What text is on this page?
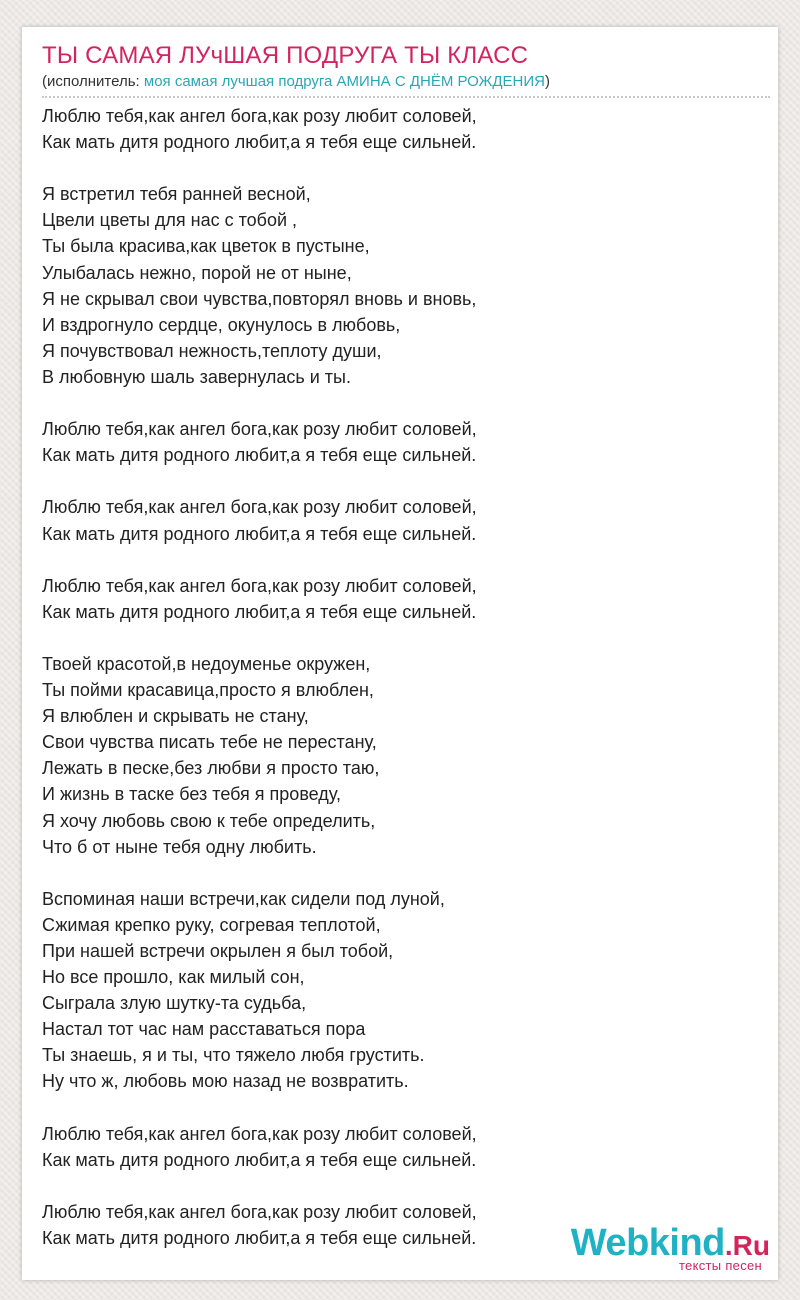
ТЫ САМАЯ ЛУчШАЯ ПОДРУГА ТЫ КЛАСС
(исполнитель: моя самая лучшая подруга АМИНА С ДНЁМ РОЖДЕНИЯ)

Люблю тебя,как ангел бога,как розу любит соловей,
Как мать дитя родного любит,а я тебя еще сильней.

Я встретил тебя ранней весной,
Цвели цветы для нас с тобой ,
Ты была красива,как цветок в пустыне,
Улыбалась нежно, порой не от ныне,
Я не скрывал свои чувства,повторял вновь и вновь,
И вздрогнуло сердце, окунулось в любовь,
Я почувствовал нежность,теплоту души,
В любовную шаль завернулась и ты.

Люблю тебя,как ангел бога,как розу любит соловей,
Как мать дитя родного любит,а я тебя еще сильней.

Люблю тебя,как ангел бога,как розу любит соловей,
Как мать дитя родного любит,а я тебя еще сильней.

Люблю тебя,как ангел бога,как розу любит соловей,
Как мать дитя родного любит,а я тебя еще сильней.

Твоей красотой,в недоуменье окружен,
Ты пойми красавица,просто я влюблен,
Я влюблен и скрывать не стану,
Свои чувства писать тебе не перестану,
Лежать в песке,без любви я просто таю,
И жизнь в таске без тебя я проведу,
Я хочу любовь свою к тебе определить,
Что б от ныне тебя одну любить.

Вспоминая наши встречи,как сидели под луной,
Сжимая крепко руку, согревая теплотой,
При нашей встречи окрылен я был тобой,
Но все прошло, как милый сон,
Сыграла злую шутку-та судьба,
Настал тот час нам расставаться пора
Ты знаешь, я и ты, что тяжело любя грустить.
Ну что ж, любовь мою назад не возвратить.

Люблю тебя,как ангел бога,как розу любит соловей,
Как мать дитя родного любит,а я тебя еще сильней.

Люблю тебя,как ангел бога,как розу любит соловей,
Как мать дитя родного любит,а я тебя еще сильней.	Webkind.Ru
тексты песен
